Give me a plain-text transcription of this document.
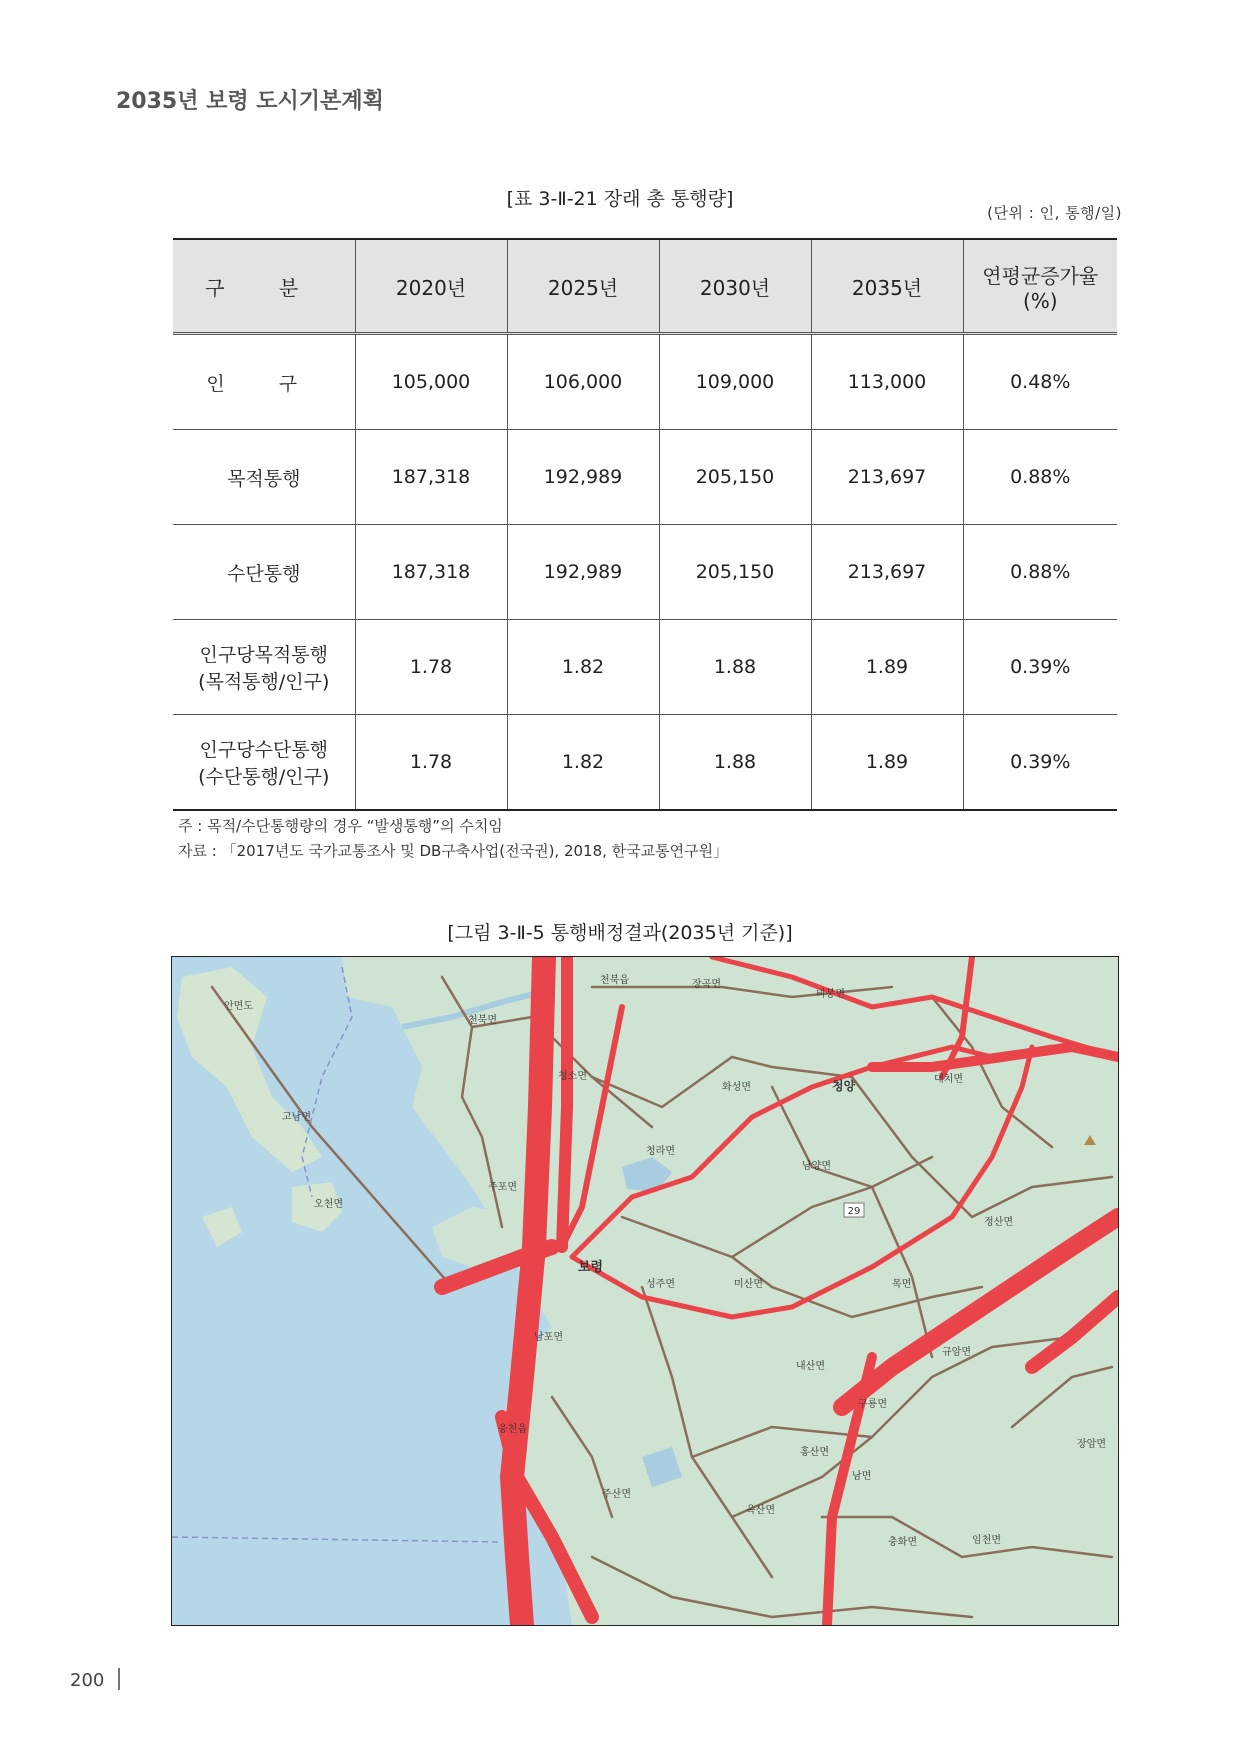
2035년 보령 도시기본계획
[표 3-Ⅱ-21 장래 총 통행량]
(단위 : 인, 통행/일)
구 분	2020년	2025년	2030년	2035년	연평균증가율
(%)

인 구	105,000	106,000	109,000	113,000	0.48%
목적통행	187,318	192,989	205,150	213,697	0.88%
수단통행	187,318	192,989	205,150	213,697	0.88%

인구당목적통행
(목적통행/인구)	1.78	1.82	1.88	1.89	0.39%

인구당수단통행
(수단통행/인구)	1.78	1.82	1.88	1.89	0.39%
주 : 목적/수단통행량의 경우 “발생통행”의 수치임
자료 : 「2017년도 국가교통조사 및 DB구축사업(전국권), 2018, 한국교통연구원」
[그림 3-Ⅱ-5 통행배정결과(2035년 기준)]
29
안면도
고남면
오천면
천북면
청소면
청라면
주포면
보령
남포면
웅천읍
주산면
성주면	미산면
화성면
장곡면
비봉면
대치면
청양
남양면
정산면
목면
규암면
내산면
구룡면
홍산면
옥산면
남면
충화면	임천면
장암면
천북읍
200
